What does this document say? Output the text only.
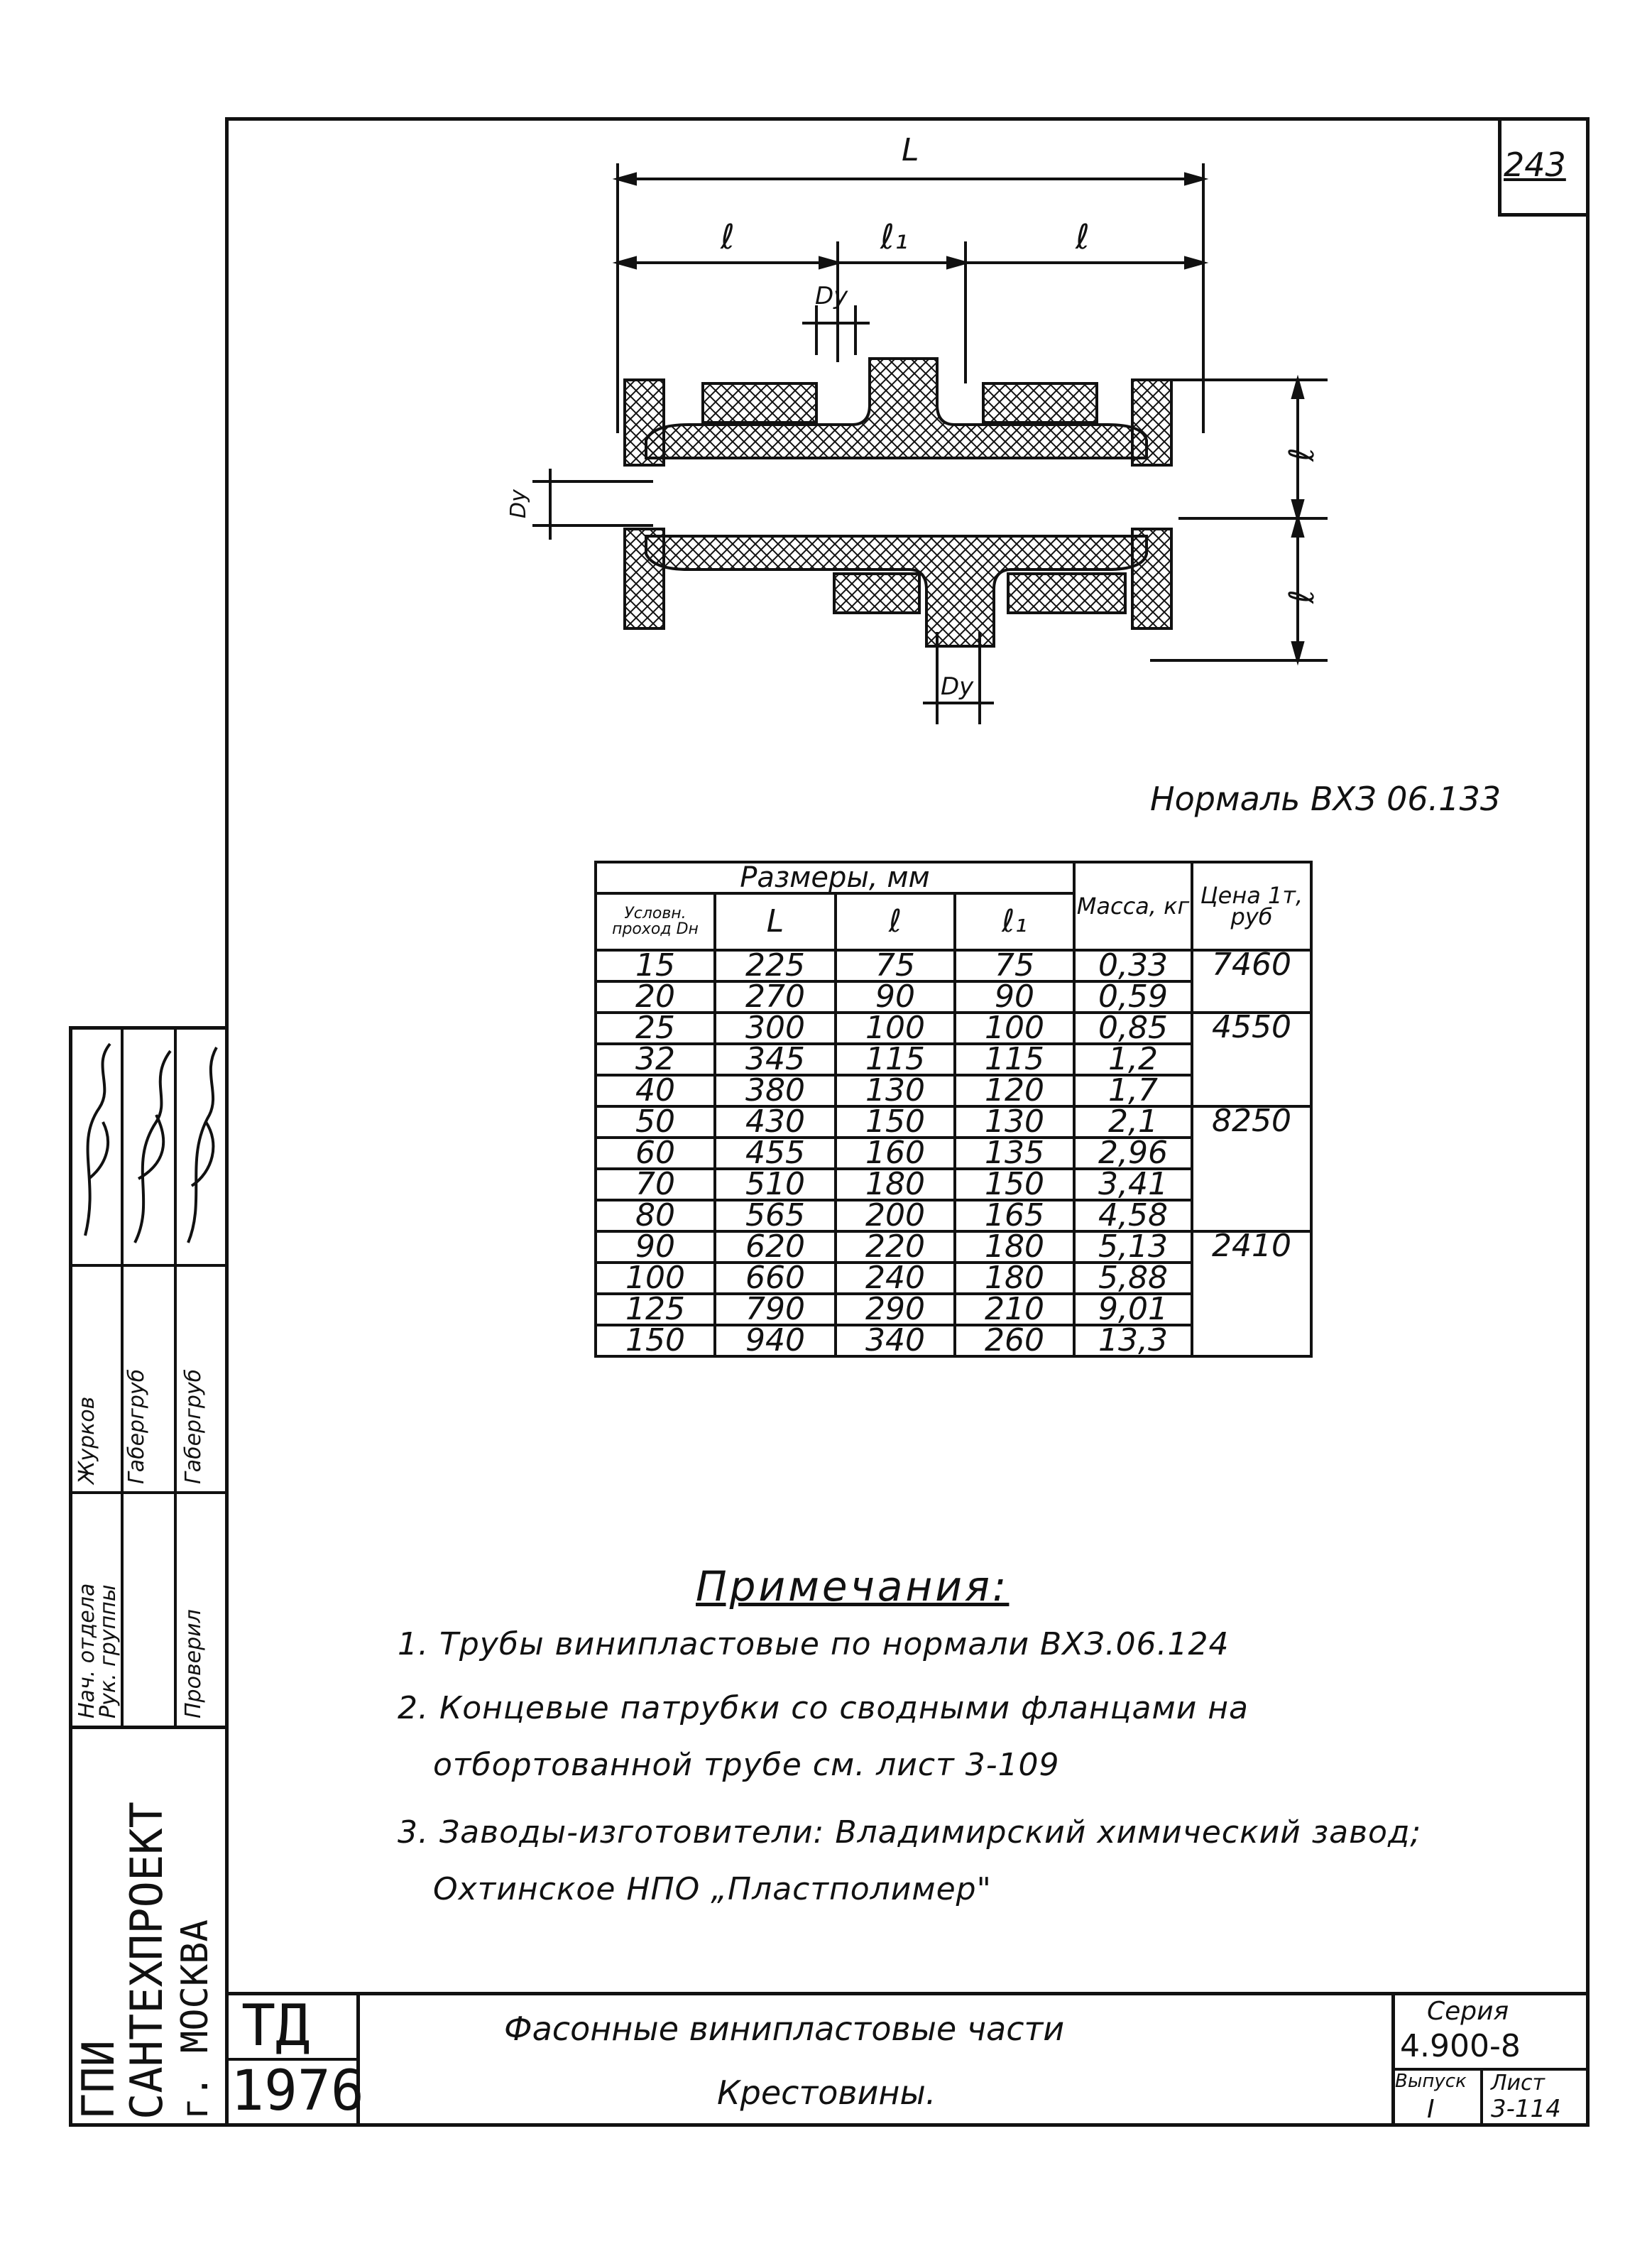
243
L
ℓ	ℓ₁	ℓ
Dy
Dy
Dy
ℓ
ℓ
Нормаль ВХЗ 06.133
Размеры, мм				Масса, кг	Цена 1т, руб
Условн. проход Dн	L	ℓ	ℓ₁		
15	225	75	75	0,33	7460
20	270	90	90	0,59	
25	300	100	100	0,85	4550
32	345	115	115	1,2	
40	380	130	120	1,7	
50	430	150	130	2,1	8250
60	455	160	135	2,96	
70	510	180	150	3,41	
80	565	200	165	4,58	
90	620	220	180	5,13	2410
100	660	240	180	5,88	
125	790	290	210	9,01	
150	940	340	260	13,3	
Примечания:
1. Трубы винипластовые по нормали ВХЗ.06.124
2. Концевые патрубки со сводными фланцами на
отбортованной трубе см. лист 3-109
3. Заводы-изготовители: Владимирский химический завод;
Охтинское НПО „Пластполимер"
Нач. отдела
Рук. группы	Проверил
Журков Габергруб Габергруб
ГПИ
САНТЕХПРОЕКТ г. МОСКВА ТД
1976
Фасонные винипластовые части
Крестовины.
Серия
4.900-8
Выпуск
I
Лист
3-114
